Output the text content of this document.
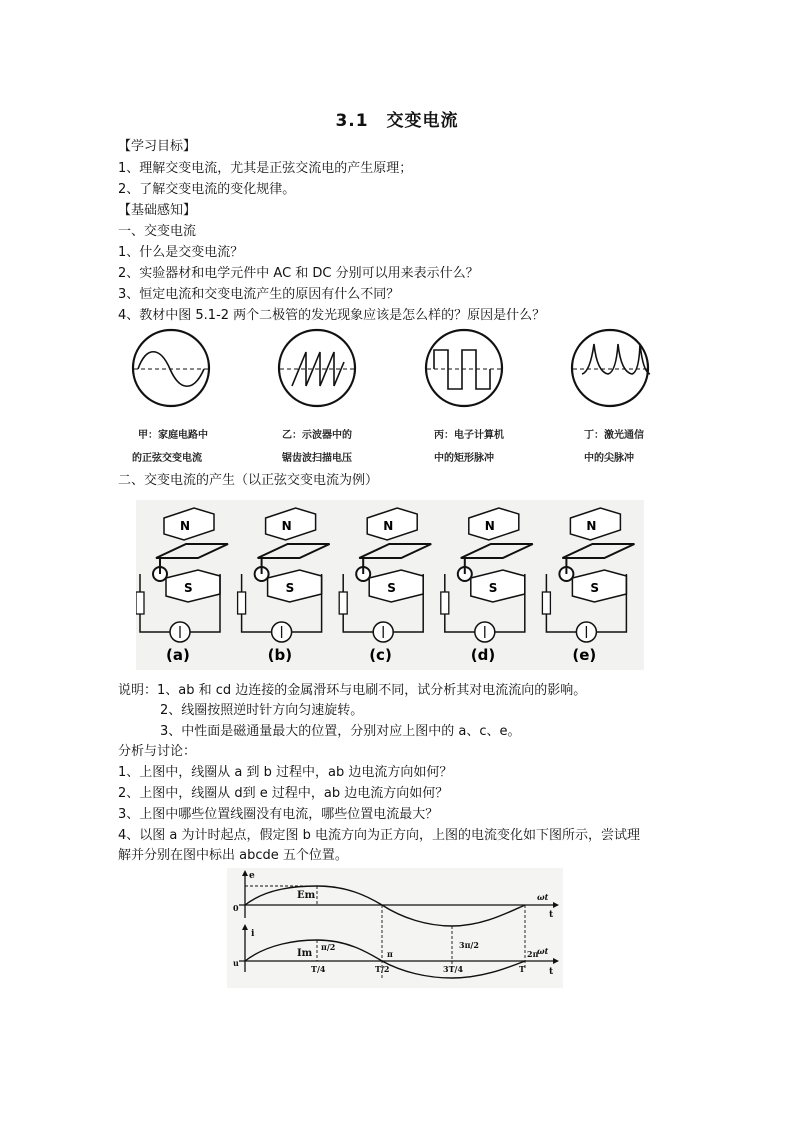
3.1　交变电流
【学习目标】
1、理解交变电流，尤其是正弦交流电的产生原理；
2、了解交变电流的变化规律。
【基础感知】
一、交变电流
1、什么是交变电流？
2、实验器材和电学元件中 AC 和 DC 分别可以用来表示什么？
3、恒定电流和交变电流产生的原因有什么不同？
4、教材中图 5.1-2 两个二极管的发光现象应该是怎么样的？原因是什么？
甲：家庭电路中
的正弦交变电流
乙：示波器中的
锯齿波扫描电压
丙：电子计算机
中的矩形脉冲
丁：激光通信
中的尖脉冲
二、交变电流的产生（以正弦交变电流为例）
N
S
(a)
N
S
(b)
N
S
(c)
N
S
(d)
N
S
(e)
说明：1、ab 和 cd 边连接的金属滑环与电刷不同，试分析其对电流流向的影响。
2、线圈按照逆时针方向匀速旋转。
3、中性面是磁通量最大的位置，分别对应上图中的 a、c、e。
分析与讨论：
1、上图中，线圈从 a 到 b 过程中，ab 边电流方向如何？
2、上图中，线圈从 d到 e 过程中，ab 边电流方向如何？
3、上图中哪些位置线圈没有电流，哪些位置电流最大？
4、以图 a 为计时起点，假定图 b 电流方向为正方向，上图的电流变化如下图所示，尝试理
解并分别在图中标出 abcde 五个位置。
e
0
Em	ωt
t
i
u
Im
π/2
π
3π/2
2π
ωt
t
T/4	T/2	3T/4	T
